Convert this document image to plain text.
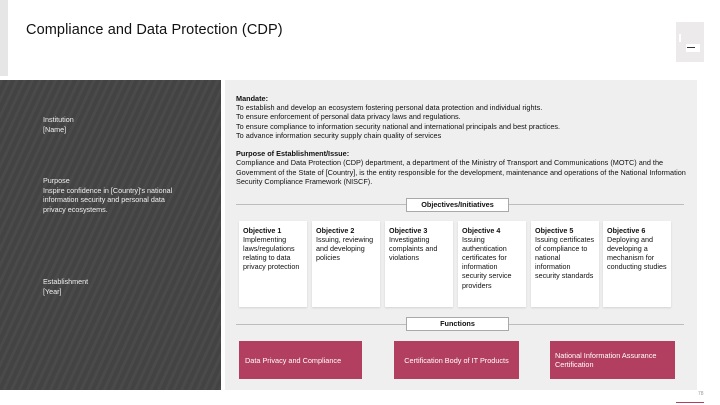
Compliance and Data Protection (CDP)
Institution
[Name]
Purpose
Inspire confidence in [Country]'s national information security and personal data privacy ecosystems.
Establishment
[Year]
Mandate:
To establish and develop an ecosystem fostering personal data protection and individual rights.
To ensure enforcement of personal data privacy laws and regulations.
To ensure compliance to information security national and international principals and best practices.
To advance information security supply chain quality of services
Purpose of Establishment/Issue:
Compliance and Data Protection (CDP) department, a department of the Ministry of Transport and Communications (MOTC) and the Government of the State of [Country], is the entity responsible for the development, maintenance and operations of the National Information Security Compliance Framework (NISCF).
Objectives/Initiatives
Objective 1
Implementing laws/regulations relating to data privacy protection
Objective 2
Issuing, reviewing and developing policies
Objective 3
Investigating complaints and violations
Objective 4
Issuing authentication certificates for information security service providers
Objective 5
Issuing certificates of compliance to national information security standards
Objective 6
Deploying and developing a mechanism for conducting studies
Functions
Data Privacy and Compliance	Certification Body of IT Products	National Information Assurance Certification
78
